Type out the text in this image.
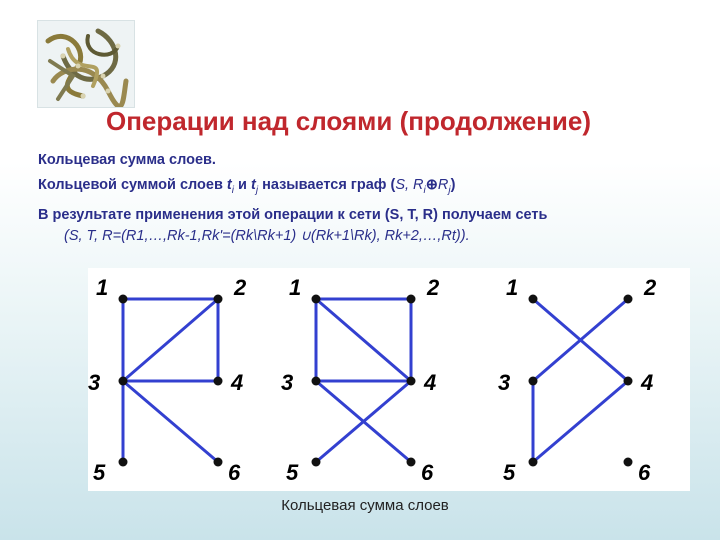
Операции над слоями (продолжение)

Кольцевая сумма слоев.

Кольцевой суммой слоев $t_i$ и $t_j$ называется граф (S, $R_i\oplus R_j$)

В результате применения этой операции к сети (S, T, R) получаем сеть

(S, T, R=(R1,…,Rk-1,Rk'=(Rk\Rk+1) ∪(Rk+1\Rk), Rk+2,…,Rt)).

1	2
3	4
5	6
1	2
3	4
5	6
1	2
3	4
5	6
Кольцевая сумма слоев
